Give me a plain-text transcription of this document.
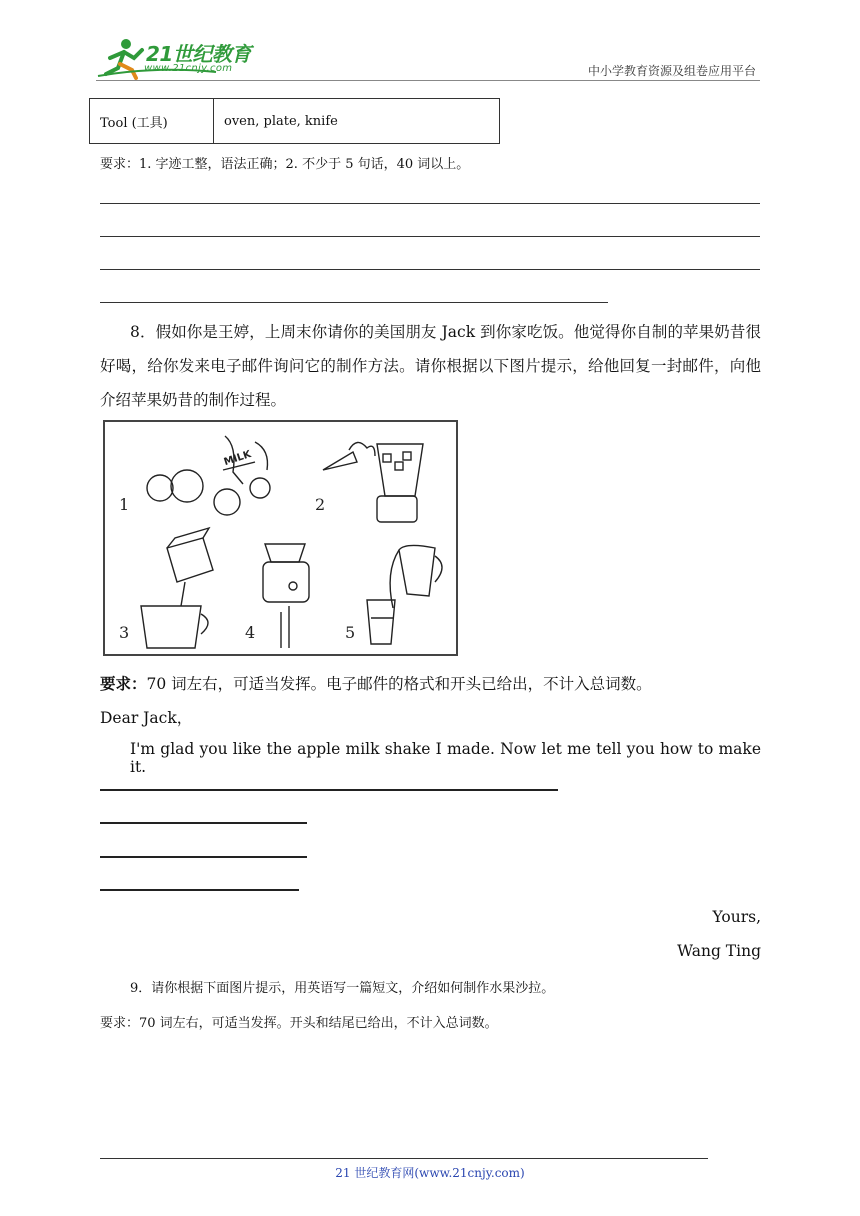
21世纪教育
www.21cnjy.com	中小学教育资源及组卷应用平台
Tool (工具)	oven, plate, knife
要求：1. 字迹工整，语法正确；2. 不少于 5 句话，40 词以上。
8．假如你是王婷，上周末你请你的美国朋友 Jack 到你家吃饭。他觉得你自制的苹果奶昔很好喝，给你发来电子邮件询问它的制作方法。请你根据以下图片提示，给他回复一封邮件，向他介绍苹果奶昔的制作过程。
MILK
1	2
3	4	5
要求：70 词左右，可适当发挥。电子邮件的格式和开头已给出，不计入总词数。
Dear Jack，
I'm glad you like the apple milk shake I made. Now let me tell you how to make it.
Yours,
Wang Ting
9．请你根据下面图片提示，用英语写一篇短文，介绍如何制作水果沙拉。
要求：70 词左右，可适当发挥。开头和结尾已给出，不计入总词数。
21 世纪教育网(www.21cnjy.com)
